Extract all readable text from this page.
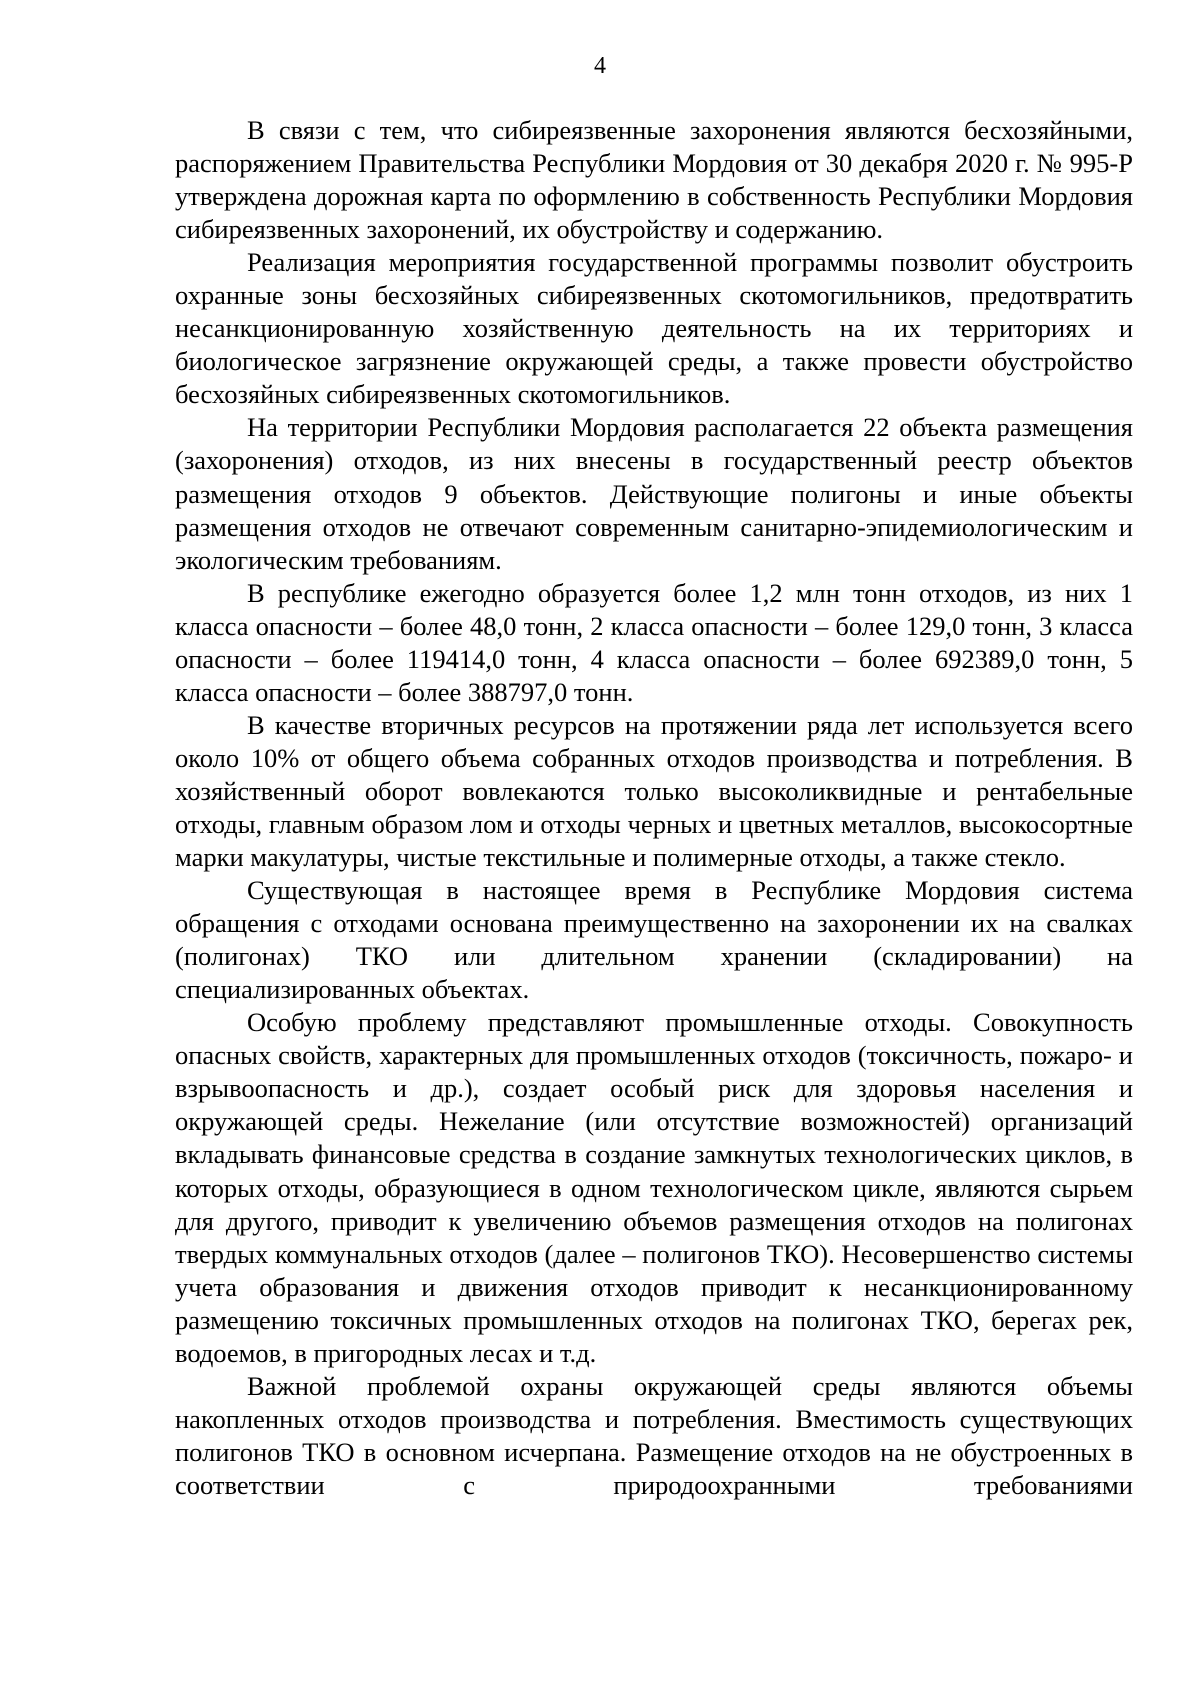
4

В связи с тем, что сибиреязвенные захоронения являются бесхозяйными, распоряжением Правительства Республики Мордовия от 30 декабря 2020 г. № 995-Р утверждена дорожная карта по оформлению в собственность Республики Мордовия сибиреязвенных захоронений, их обустройству и содержанию.

Реализация мероприятия государственной программы позволит обустроить охранные зоны бесхозяйных сибиреязвенных скотомогильников, предотвратить несанкционированную хозяйственную деятельность на их территориях и биологическое загрязнение окружающей среды, а также провести обустройство бесхозяйных сибиреязвенных скотомогильников.

На территории Республики Мордовия располагается 22 объекта размещения (захоронения) отходов, из них внесены в государственный реестр объектов размещения отходов 9 объектов. Действующие полигоны и иные объекты размещения отходов не отвечают современным санитарно-эпидемиологическим и экологическим требованиям.

В республике ежегодно образуется более 1,2 млн тонн отходов, из них 1 класса опасности – более 48,0 тонн, 2 класса опасности – более 129,0 тонн, 3 класса опасности – более 119414,0 тонн, 4 класса опасности – более 692389,0 тонн, 5 класса опасности – более 388797,0 тонн.

В качестве вторичных ресурсов на протяжении ряда лет используется всего около 10% от общего объема собранных отходов производства и потребления. В хозяйственный оборот вовлекаются только высоколиквидные и рентабельные отходы, главным образом лом и отходы черных и цветных металлов, высокосортные марки макулатуры, чистые текстильные и полимерные отходы, а также стекло.

Существующая в настоящее время в Республике Мордовия система обращения с отходами основана преимущественно на захоронении их на свалках (полигонах) ТКО или длительном хранении (складировании) на специализированных объектах.

Особую проблему представляют промышленные отходы. Совокупность опасных свойств, характерных для промышленных отходов (токсичность, пожаро- и взрывоопасность и др.), создает особый риск для здоровья населения и окружающей среды. Нежелание (или отсутствие возможностей) организаций вкладывать финансовые средства в создание замкнутых технологических циклов, в которых отходы, образующиеся в одном технологическом цикле, являются сырьем для другого, приводит к увеличению объемов размещения отходов на полигонах твердых коммунальных отходов (далее – полигонов ТКО). Несовершенство системы учета образования и движения отходов приводит к несанкционированному размещению токсичных промышленных отходов на полигонах ТКО, берегах рек, водоемов, в пригородных лесах и т.д.

Важной проблемой охраны окружающей среды являются объемы накопленных отходов производства и потребления. Вместимость существующих полигонов ТКО в основном исчерпана. Размещение отходов на не обустроенных в соответствии с природоохранными требованиями
